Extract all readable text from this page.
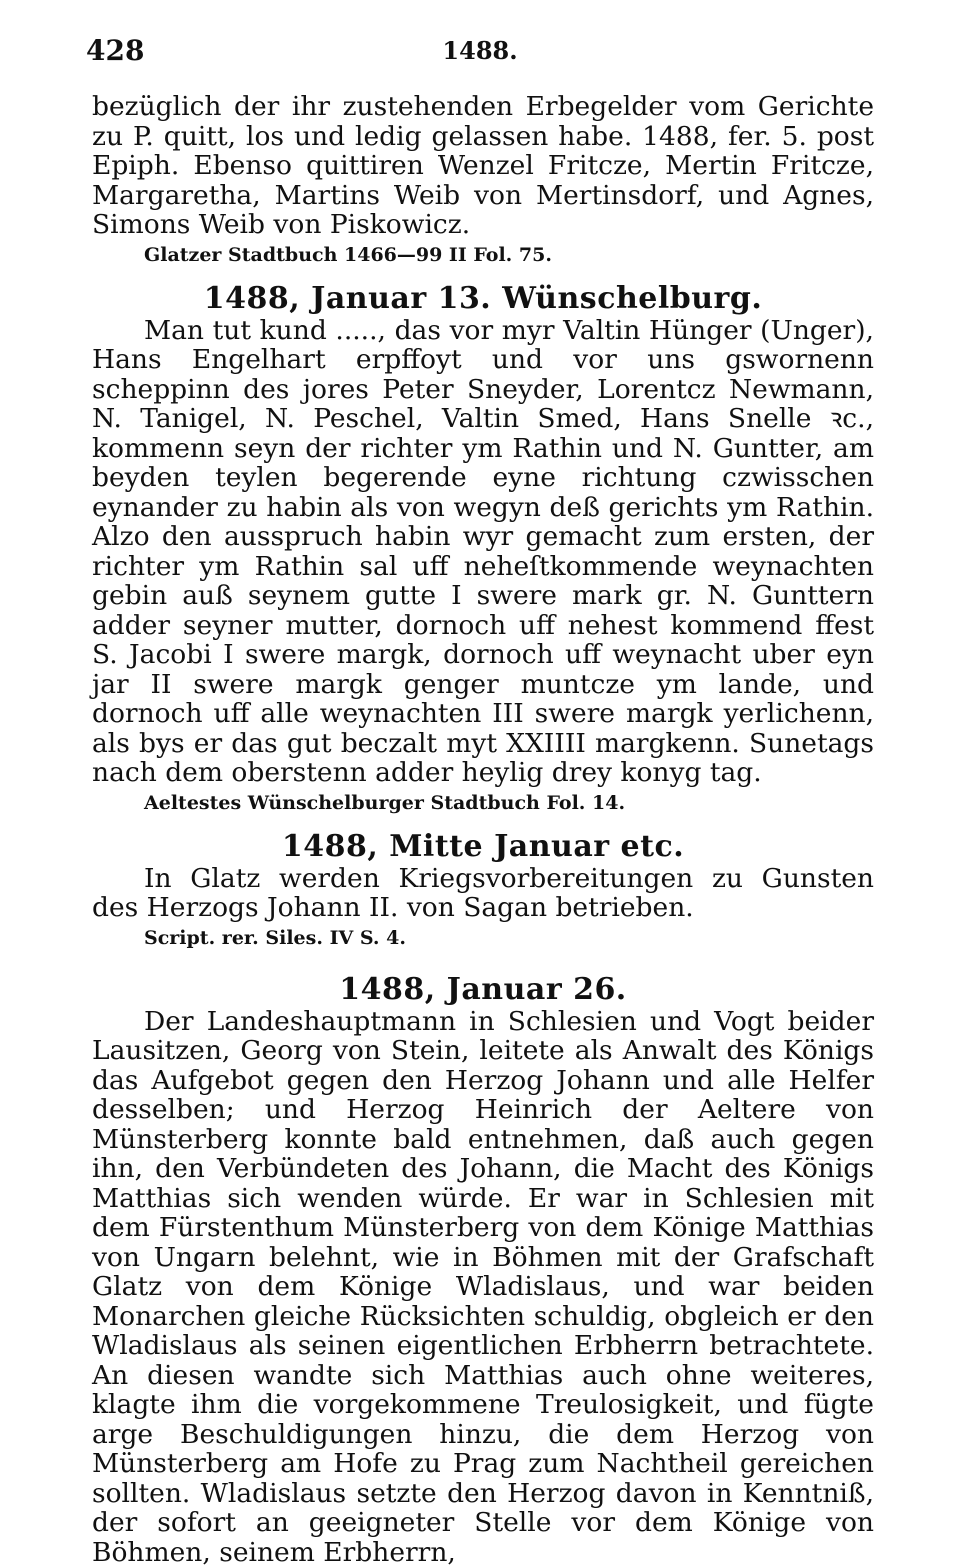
428	1488.

bezüglich der ihr zustehenden Erbegelder vom Gerichte zu P. quitt, los und ledig gelassen habe. 1488, fer. 5. post Epiph. Ebenso quittiren Wenzel Fritcze, Mertin Fritcze, Margaretha, Martins Weib von Mertinsdorf, und Agnes, Simons Weib von Piskowicz.

Glatzer Stadtbuch 1466—99 II Fol. 75.

1488, Januar 13. Wünschelburg.

Man tut kund ....., das vor myr Valtin Hünger (Unger), Hans Engelhart erpffoyt und vor uns gswornenn scheppinn des jores Peter Sneyder, Lorentcz Newmann, N. Tanigel, N. Peschel, Valtin Smed, Hans Snelle ꝛc., kommenn seyn der richter ym Rathin und N. Guntter, am beyden teylen begerende eyne richtung czwisschen eynander zu habin als von wegyn deß gerichts ym Rathin. Alzo den ausspruch habin wyr gemacht zum ersten, der richter ym Rathin sal uff neheſtkommende weynachten gebin auß seynem gutte I swere mark gr. N. Gunttern adder seyner mutter, dornoch uff nehest kommend ffest S. Jacobi I swere margk, dornoch uff weynacht uber eyn jar II swere margk genger muntcze ym lande, und dornoch uff alle weynachten III swere margk yerlichenn, als bys er das gut beczalt myt XXIIII margkenn. Sunetags nach dem oberstenn adder heylig drey konyg tag.

Aeltestes Wünschelburger Stadtbuch Fol. 14.

1488, Mitte Januar etc.

In Glatz werden Kriegsvorbereitungen zu Gunsten des Herzogs Johann II. von Sagan betrieben.

Script. rer. Siles. IV S. 4.

1488, Januar 26.

Der Landeshauptmann in Schlesien und Vogt beider Lausitzen, Georg von Stein, leitete als Anwalt des Königs das Aufgebot gegen den Herzog Johann und alle Helfer desselben; und Herzog Heinrich der Aeltere von Münsterberg konnte bald entnehmen, daß auch gegen ihn, den Verbündeten des Johann, die Macht des Königs Matthias sich wenden würde. Er war in Schlesien mit dem Fürstenthum Münsterberg von dem Könige Matthias von Ungarn belehnt, wie in Böhmen mit der Grafschaft Glatz von dem Könige Wladislaus, und war beiden Monarchen gleiche Rücksichten schuldig, obgleich er den Wladislaus als seinen eigentlichen Erbherrn betrachtete. An diesen wandte sich Matthias auch ohne weiteres, klagte ihm die vorgekommene Treulosigkeit, und fügte arge Beschuldigungen hinzu, die dem Herzog von Münsterberg am Hofe zu Prag zum Nachtheil gereichen sollten. Wladislaus setzte den Herzog davon in Kenntniß, der sofort an geeigneter Stelle vor dem Könige von Böhmen, seinem Erbherrn,
